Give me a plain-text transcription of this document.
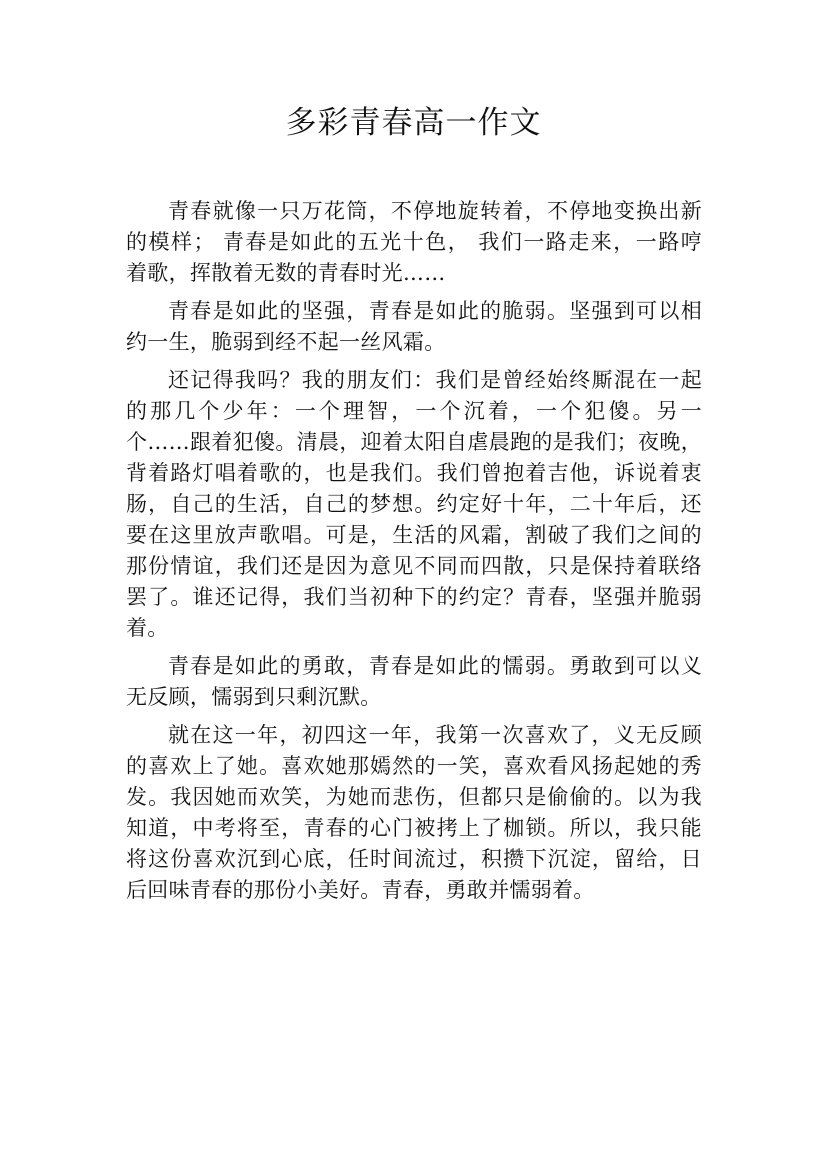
多彩青春高一作文
青春就像一只万花筒，不停地旋转着，不停地变换出新
的模样； 青春是如此的五光十色， 我们一路走来，一路哼
着歌，挥散着无数的青春时光……
青春是如此的坚强，青春是如此的脆弱。坚强到可以相
约一生，脆弱到经不起一丝风霜。
还记得我吗？我的朋友们：我们是曾经始终厮混在一起
的那几个少年：一个理智，一个沉着，一个犯傻。另一
个……跟着犯傻。清晨，迎着太阳自虐晨跑的是我们；夜晚，
背着路灯唱着歌的，也是我们。我们曾抱着吉他，诉说着衷
肠，自己的生活，自己的梦想。约定好十年，二十年后，还
要在这里放声歌唱。可是，生活的风霜，割破了我们之间的
那份情谊，我们还是因为意见不同而四散，只是保持着联络
罢了。谁还记得，我们当初种下的约定？青春，坚强并脆弱
着。
青春是如此的勇敢，青春是如此的懦弱。勇敢到可以义
无反顾，懦弱到只剩沉默。
就在这一年，初四这一年，我第一次喜欢了，义无反顾
的喜欢上了她。喜欢她那嫣然的一笑，喜欢看风扬起她的秀
发。我因她而欢笑，为她而悲伤，但都只是偷偷的。以为我
知道，中考将至，青春的心门被拷上了枷锁。所以，我只能
将这份喜欢沉到心底，任时间流过，积攒下沉淀，留给，日
后回味青春的那份小美好。青春，勇敢并懦弱着。
